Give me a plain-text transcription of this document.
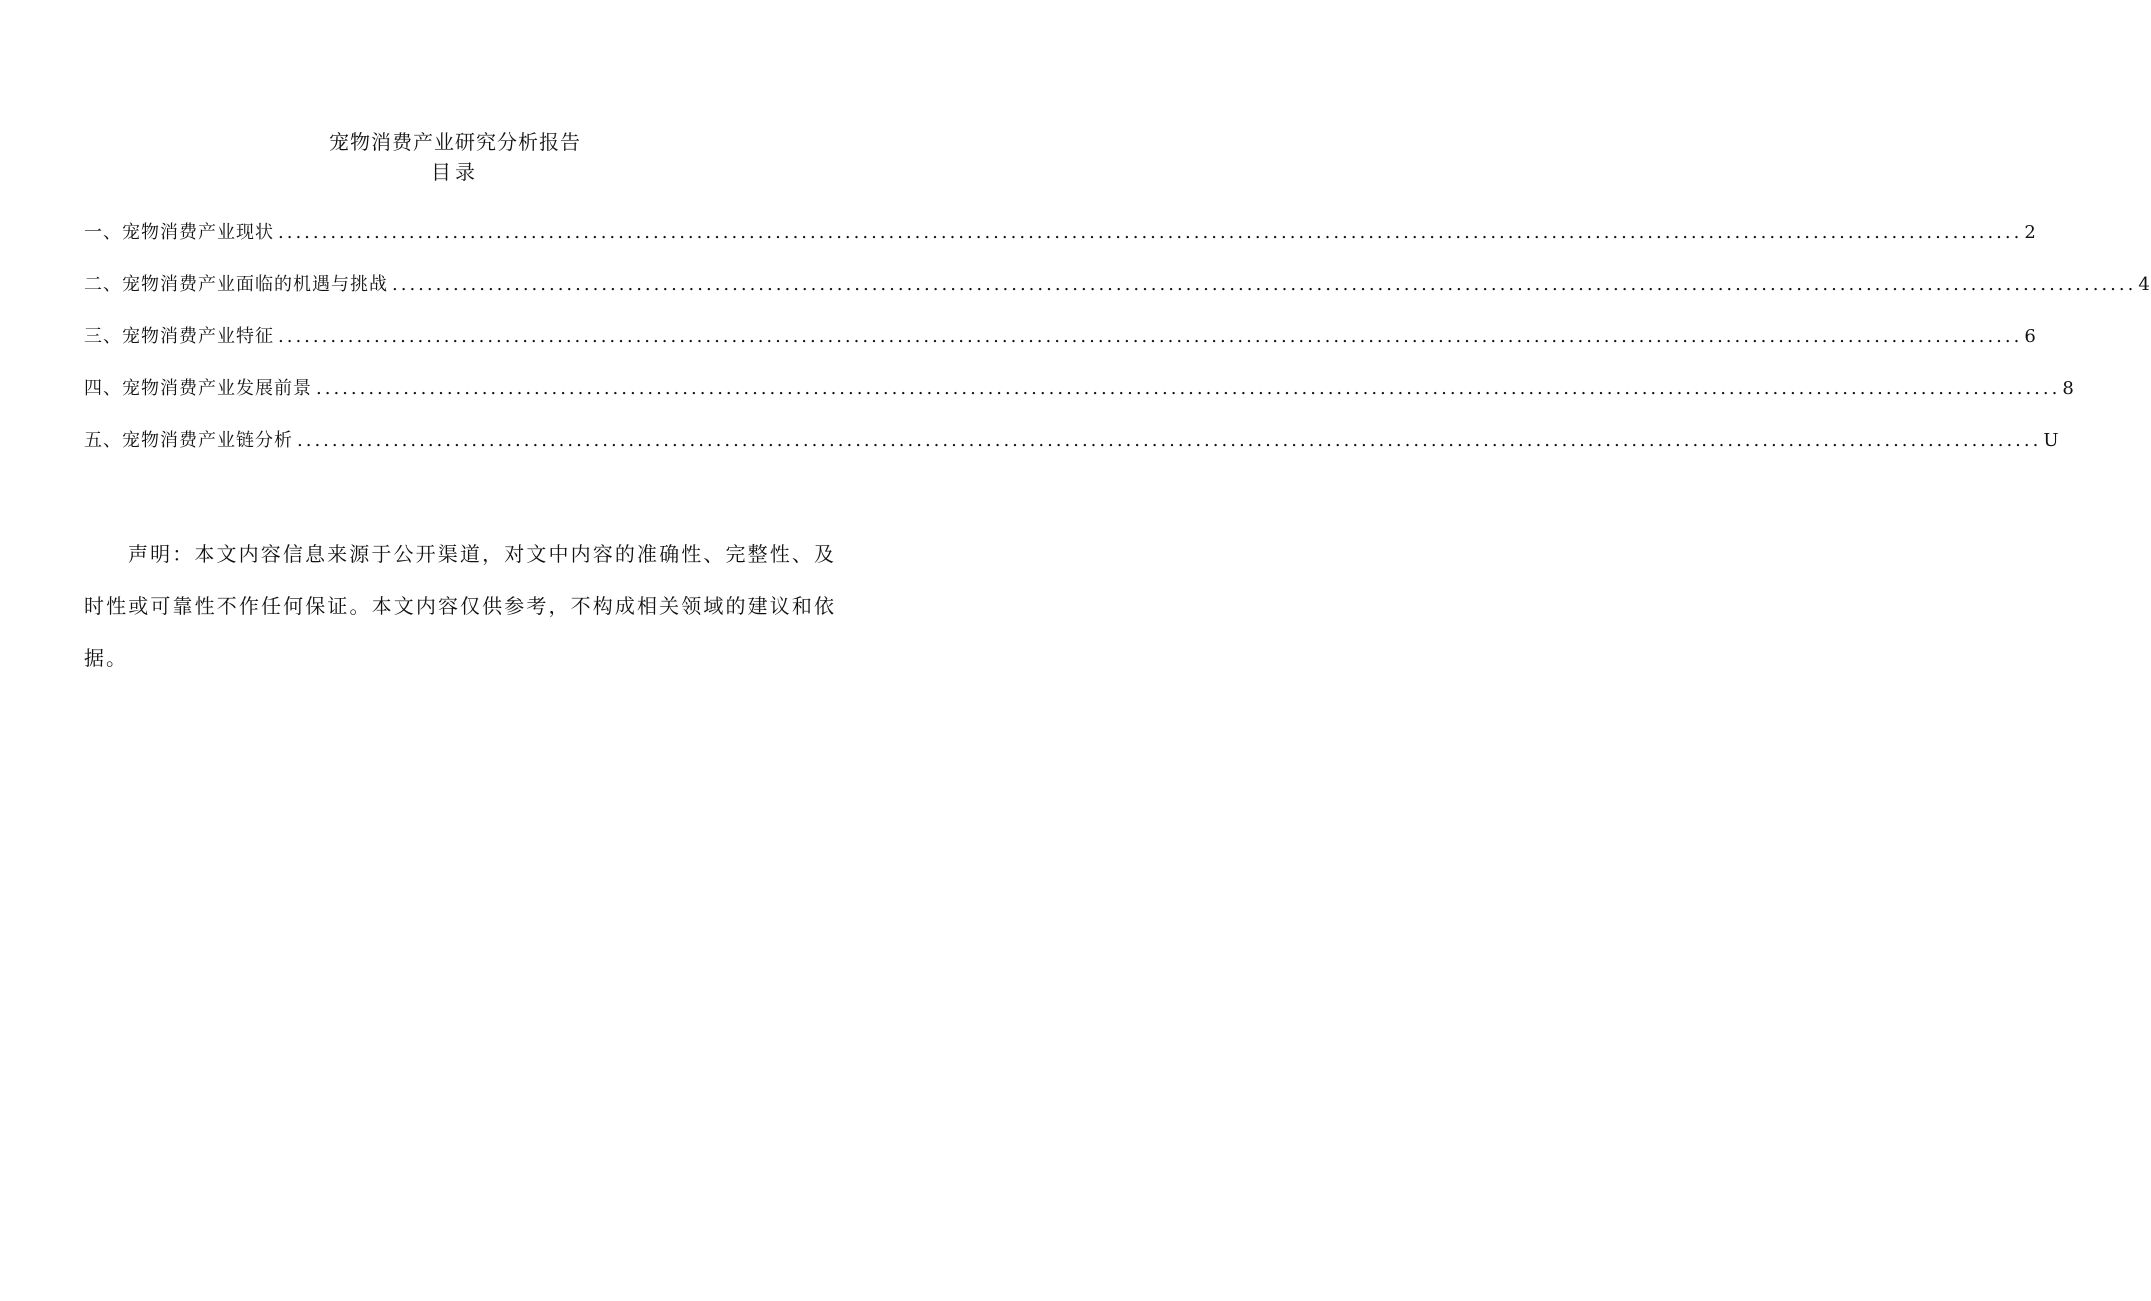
宠物消费产业研究分析报告
目录
一、宠物消费产业现状 ........................................................................................................................................................................................................ 2
二、宠物消费产业面临的机遇与挑战 ........................................................................................................................................................................................................ 4
三、宠物消费产业特征 ........................................................................................................................................................................................................ 6
四、宠物消费产业发展前景 ........................................................................................................................................................................................................ 8
五、宠物消费产业链分析 ........................................................................................................................................................................................................ U

声明：本文内容信息来源于公开渠道，对文中内容的准确性、完整性、及时性或可靠性不作任何保证。本文内容仅供参考，不构成相关领域的建议和依据。
